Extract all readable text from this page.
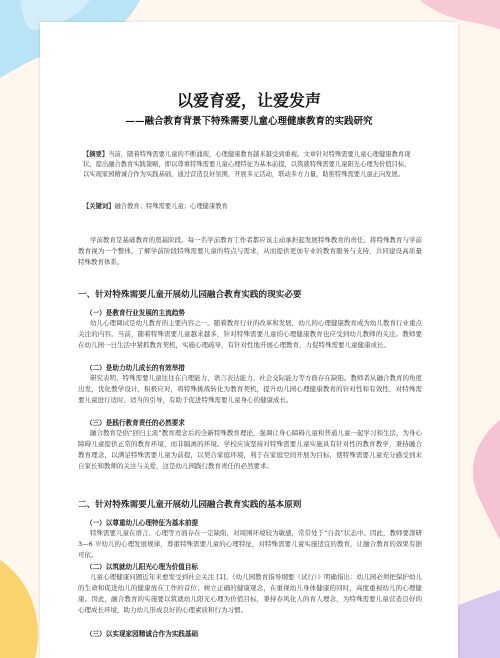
以爱育爱，让爱发声
——融合教育背景下特殊需要儿童心理健康教育的实践研究
【摘要】当前，随着特殊需要儿童的不断涌现，心理健康教育越来越受到重视。文章针对特殊需要儿童心理健康教育现状，提出融合教育实践策略，即以尊重特殊需要儿童心理特征为基本前提，以筑就特殊需要儿童阳光心理为价值目标，以实现家园精诚合作为实践基础，通过营造良好氛围，开展多元活动，联动多方力量，助推特殊需要儿童正向发展。
【关键词】融合教育；特殊需要儿童；心理健康教育
学前教育是基础教育的奠基阶段。每一名学前教育工作者都应该主动承担起发展特殊教育的责任。将特殊教育与学前教育视为一个整体，了解学前阶段特殊需要儿童的特点与需求，从而提供更加专业的教育服务与支持，共同建设高质量特殊教育体系。
一、针对特殊需要儿童开展幼儿园融合教育实践的现实必要
（一）是教育行业发展的主流趋势
幼儿心理调试是幼儿教育的主要内容之一。随着教育行业的改革和发展，幼儿的心理健康教育成为幼儿教育行业重点关注的内容。当前，随着特殊需要儿童越来越多，针对特殊需要儿童的心理健康教育也应受到幼儿教师的关注。教师要在幼儿园一日生活中紧抓教育契机，实施心理疏导，有针对性地开展心理教育，力促特殊需要儿童健康成长。
（二）是助力幼儿成长的有效举措
研究表明，特殊需要儿童往往在自理能力、语言表达能力、社会交际能力等方面存在缺陷。教师者从融合教育的角度出发，优化教学设计，积极应对，将特殊挑战转化为教育契机，提升幼儿园心理健康教育的针对性和有效性，对特殊需要儿童进行适时、适当的引导，有助于促进特殊需要儿童身心的健康成长。
（三）是践行教育责任的必然要求
融合教育是倡“回归主流”教育理念后的全新特殊教育理论，强调让身心障碍儿童和普通儿童一起学习和生活，为身心障碍儿童提供正常的教育环境，而非隔离的环境。学校应该坚持对特殊需要儿童实施具有针对性的教育教学，秉持融合教育理念，以满足特殊需要儿童为前提，以契合家庭环境，利于在家庭空间开展为目标，使特殊需要儿童充分感受到来自家长和教师的关注与关爱，这是幼儿园践行教育责任的必然要求。
二、针对特殊需要儿童开展幼儿园融合教育实践的基本原则
（一）以尊重幼儿心理特征为基本前提
特殊需要儿童在语言、心理等方面存在一定缺陷，对周围环境较为敏感，常常处于“自我”状态中。因此，教师要深研 3—6 岁幼儿的心理发展规律，尊重特殊需要儿童的心理特征，对特殊需要儿童实施适宜的教育，让融合教育的效果有据可依。
（二）以筑就幼儿阳光心理为价值目标
儿童心理健康问题近年来愈发受到社会关注 [1]。《幼儿园教育指导纲要（试行）》明确指出：幼儿园必须把保护幼儿的生命和促进幼儿的健康放在工作的首位；树立正确的健康观念，在重视幼儿身体健康的同时，高度重视幼儿的心理健康。因此，融合教育的实施要以筑就幼儿阳光心理为价值目标，秉持春风化人的育人理念，为特殊需要儿童营造良好的心理成长环境，助力幼儿形成良好的心理素质和行为习惯。
（三）以实现家园精诚合作为实践基础
